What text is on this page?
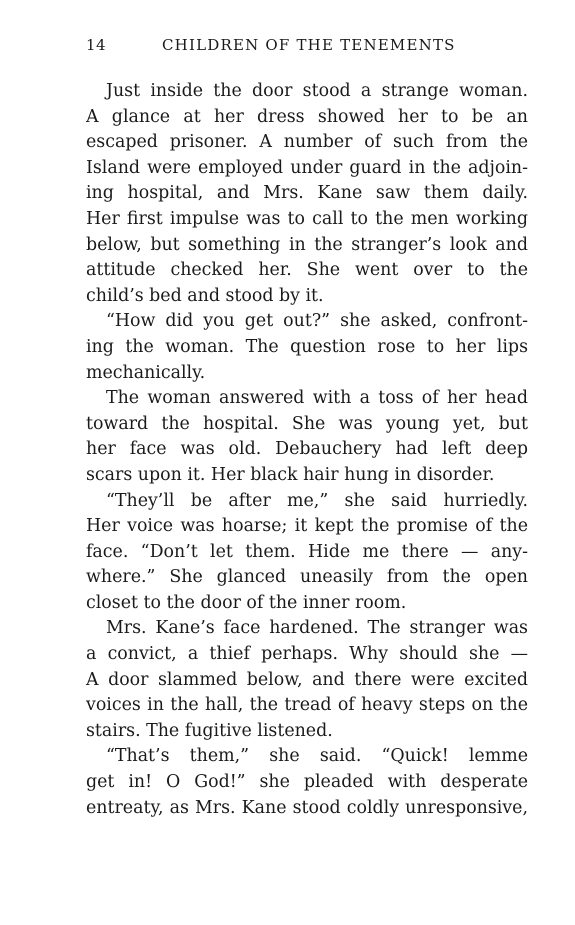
14	CHILDREN OF THE TENEMENTS
Just inside the door stood a strange woman.
A glance at her dress showed her to be an
escaped prisoner. A number of such from the
Island were employed under guard in the adjoin-
ing hospital, and Mrs. Kane saw them daily.
Her first impulse was to call to the men working
below, but something in the stranger’s look and
attitude checked her. She went over to the
child’s bed and stood by it.
“How did you get out?” she asked, confront-
ing the woman. The question rose to her lips
mechanically.
The woman answered with a toss of her head
toward the hospital. She was young yet, but
her face was old. Debauchery had left deep
scars upon it. Her black hair hung in disorder.
“They’ll be after me,” she said hurriedly.
Her voice was hoarse; it kept the promise of the
face. “Don’t let them. Hide me there — any-
where.” She glanced uneasily from the open
closet to the door of the inner room.
Mrs. Kane’s face hardened. The stranger was
a convict, a thief perhaps. Why should she —
A door slammed below, and there were excited
voices in the hall, the tread of heavy steps on the
stairs. The fugitive listened.
“That’s them,” she said. “Quick! lemme
get in! O God!” she pleaded with desperate
entreaty, as Mrs. Kane stood coldly unresponsive,
